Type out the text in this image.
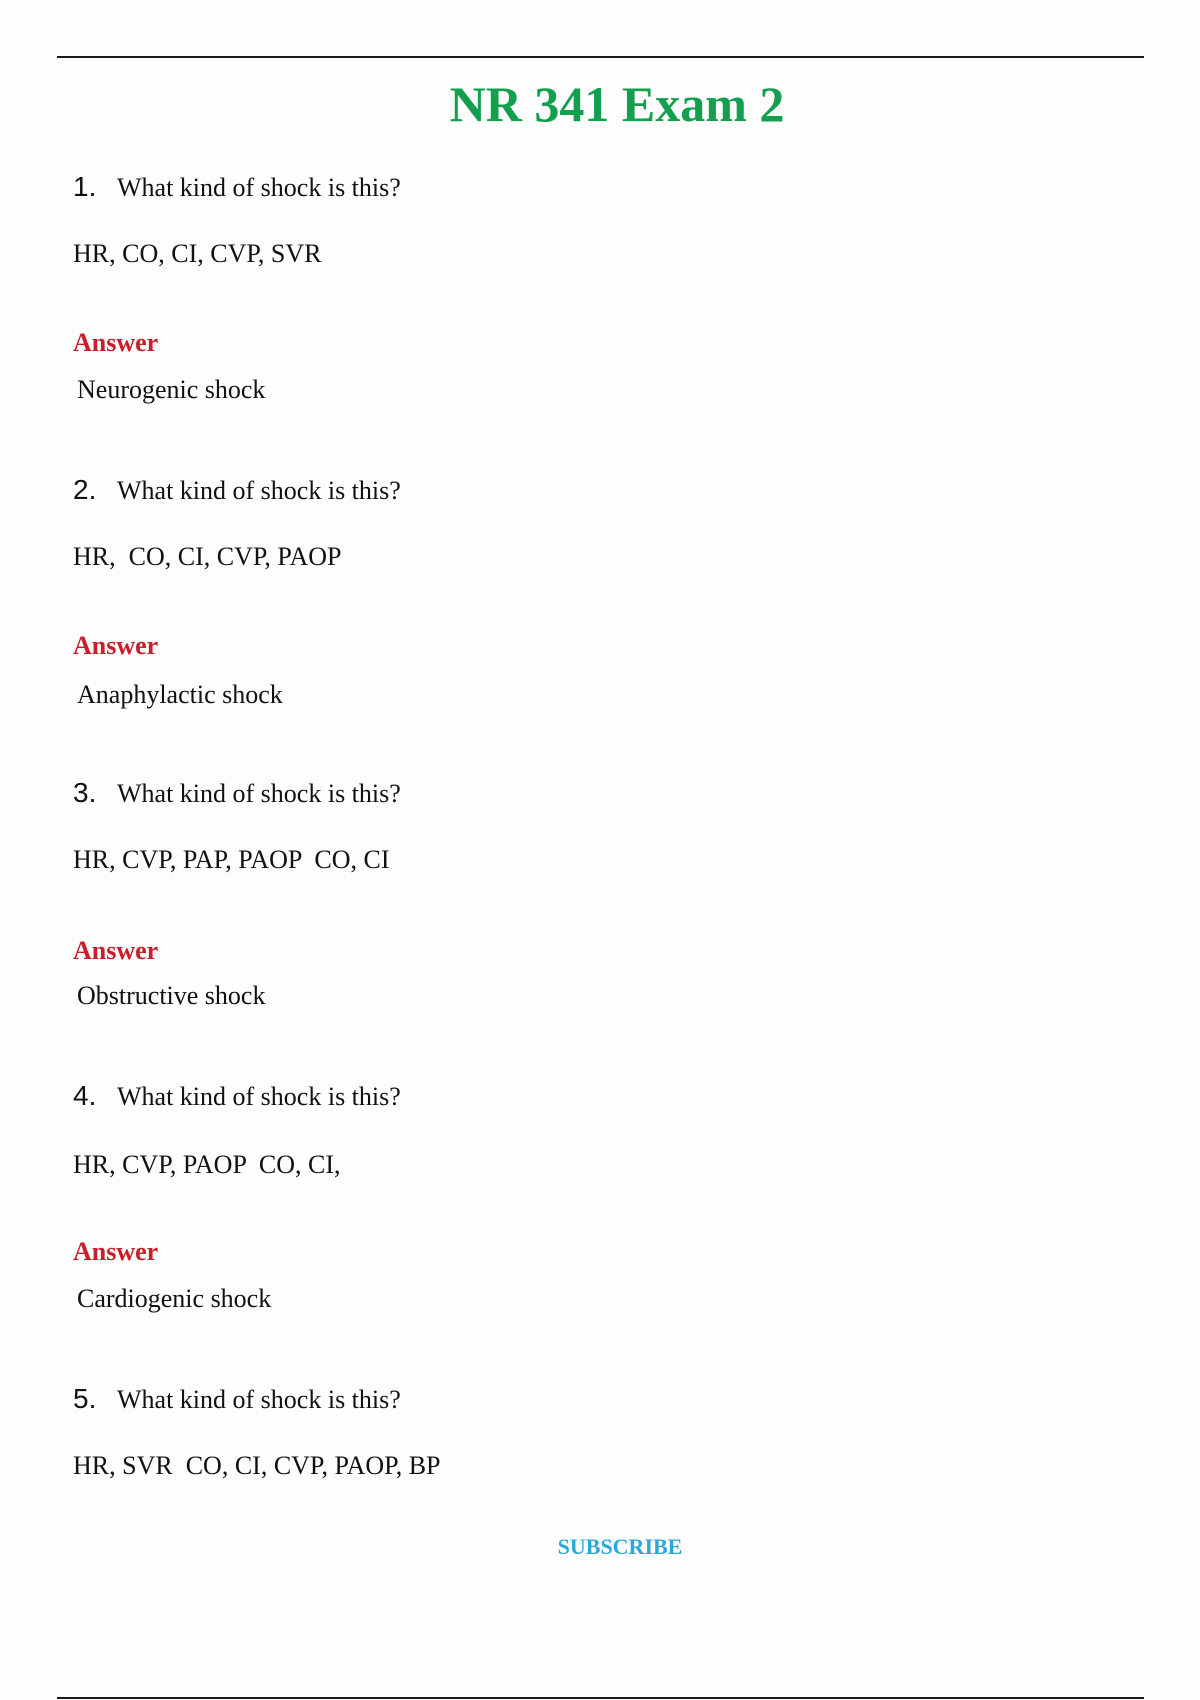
NR 341 Exam 2
1. What kind of shock is this?
HR, CO, CI, CVP, SVR
Answer
Neurogenic shock
2. What kind of shock is this?
HR,  CO, CI, CVP, PAOP
Answer
Anaphylactic shock
3. What kind of shock is this?
HR, CVP, PAP, PAOP  CO, CI
Answer
Obstructive shock
4. What kind of shock is this?
HR, CVP, PAOP  CO, CI,
Answer
Cardiogenic shock
5. What kind of shock is this?
HR, SVR  CO, CI, CVP, PAOP, BP
SUBSCRIBE
